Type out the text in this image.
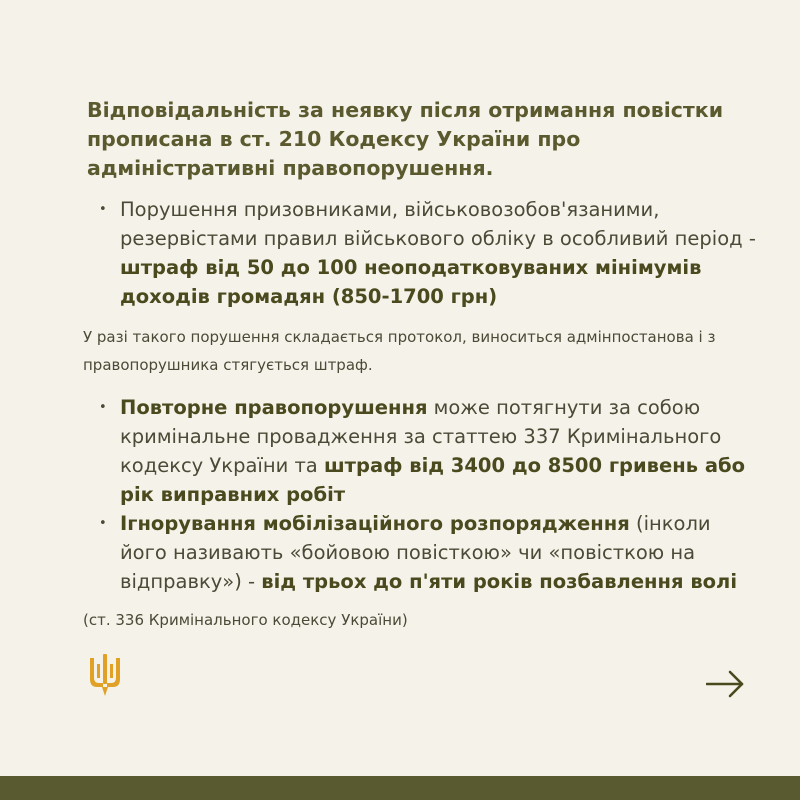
Відповідальність за неявку після отримання повістки прописана в ст. 210 Кодексу України про адміністративні правопорушення.

• Порушення призовниками, військовозобов'язаними, резервістами правил військового обліку в особливий період - штраф від 50 до 100 неоподатковуваних мінімумів доходів громадян (850-1700 грн)

У разі такого порушення складається протокол, виноситься адмінпостанова і з правопорушника стягується штраф.

• Повторне правопорушення може потягнути за собою кримінальне провадження за статтею 337 Кримінального кодексу України та штраф від 3400 до 8500 гривень або рік виправних робіт
• Ігнорування мобілізаційного розпорядження (інколи його називають «бойовою повісткою» чи «повісткою на відправку») - від трьох до п'яти років позбавлення волі

(ст. 336 Кримінального кодексу України)
